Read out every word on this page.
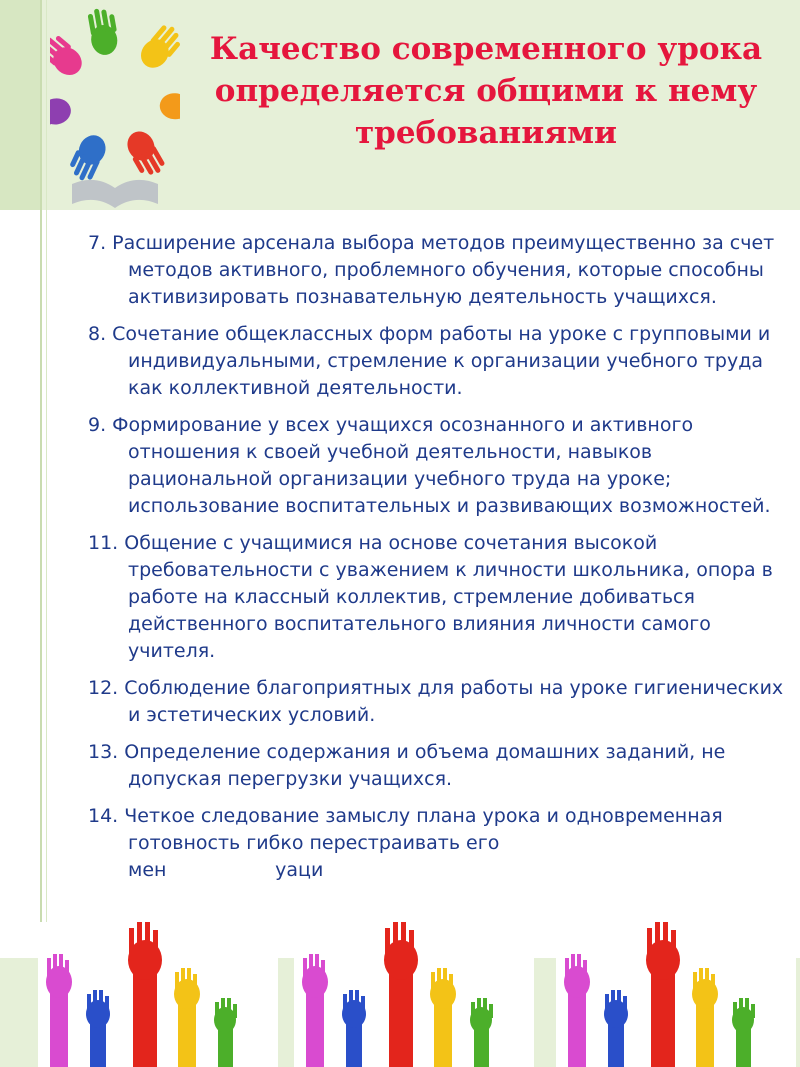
Качество современного урока
определяется общими к нему
требованиями
7. Расширение арсенала выбора методов преимущественно за счет методов активного, проблемного обучения, которые способны активизировать познавательную деятельность учащихся.
8. Сочетание общеклассных форм работы на уроке с групповыми и индивидуальными, стремление к организации учебного труда как коллективной деятельности.
9. Формирование у всех учащихся осознанного и активного отношения к своей учебной деятельности, навыков рациональной организации учебного труда на уроке; использование воспитательных и развивающих возможностей.
11. Общение с учащимися на основе сочетания высокой требовательности с уважением к личности школьника, опора в работе на классный коллектив, стремление добиваться действенного воспитательного влияния личности самого учителя.
12. Соблюдение благоприятных для работы на уроке гигиенических и эстетических условий.
13. Определение содержания и объема домашних заданий, не допуская перегрузки учащихся.
14. Четкое следование замыслу плана урока и одновременная готовность гибко перестраивать его
мен                  уаци
